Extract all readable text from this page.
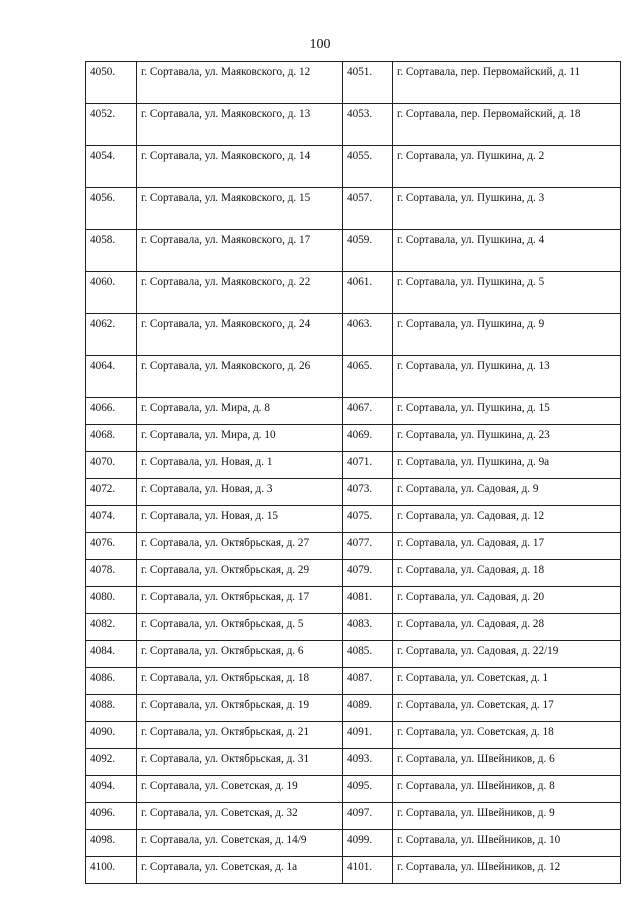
100
4050.	г. Сортавала, ул. Маяковского, д. 12	4051.	г. Сортавала, пер. Первомайский, д. 11
4052.	г. Сортавала, ул. Маяковского, д. 13	4053.	г. Сортавала, пер. Первомайский, д. 18
4054.	г. Сортавала, ул. Маяковского, д. 14	4055.	г. Сортавала, ул. Пушкина, д. 2
4056.	г. Сортавала, ул. Маяковского, д. 15	4057.	г. Сортавала, ул. Пушкина, д. 3
4058.	г. Сортавала, ул. Маяковского, д. 17	4059.	г. Сортавала, ул. Пушкина, д. 4
4060.	г. Сортавала, ул. Маяковского, д. 22	4061.	г. Сортавала, ул. Пушкина, д. 5
4062.	г. Сортавала, ул. Маяковского, д. 24	4063.	г. Сортавала, ул. Пушкина, д. 9
4064.	г. Сортавала, ул. Маяковского, д. 26	4065.	г. Сортавала, ул. Пушкина, д. 13
4066.	г. Сортавала, ул. Мира, д. 8	4067.	г. Сортавала, ул. Пушкина, д. 15
4068.	г. Сортавала, ул. Мира, д. 10	4069.	г. Сортавала, ул. Пушкина, д. 23
4070.	г. Сортавала, ул. Новая, д. 1	4071.	г. Сортавала, ул. Пушкина, д. 9а
4072.	г. Сортавала, ул. Новая, д. 3	4073.	г. Сортавала, ул. Садовая, д. 9
4074.	г. Сортавала, ул. Новая, д. 15	4075.	г. Сортавала, ул. Садовая, д. 12
4076.	г. Сортавала, ул. Октябрьская, д. 27	4077.	г. Сортавала, ул. Садовая, д. 17
4078.	г. Сортавала, ул. Октябрьская, д. 29	4079.	г. Сортавала, ул. Садовая, д. 18
4080.	г. Сортавала, ул. Октябрьская, д. 17	4081.	г. Сортавала, ул. Садовая, д. 20
4082.	г. Сортавала, ул. Октябрьская, д. 5	4083.	г. Сортавала, ул. Садовая, д. 28
4084.	г. Сортавала, ул. Октябрьская, д. 6	4085.	г. Сортавала, ул. Садовая, д. 22/19
4086.	г. Сортавала, ул. Октябрьская, д. 18	4087.	г. Сортавала, ул. Советская, д. 1
4088.	г. Сортавала, ул. Октябрьская, д. 19	4089.	г. Сортавала, ул. Советская, д. 17
4090.	г. Сортавала, ул. Октябрьская, д. 21	4091.	г. Сортавала, ул. Советская, д. 18
4092.	г. Сортавала, ул. Октябрьская, д. 31	4093.	г. Сортавала, ул. Швейников, д. 6
4094.	г. Сортавала, ул. Советская, д. 19	4095.	г. Сортавала, ул. Швейников, д. 8
4096.	г. Сортавала, ул. Советская, д. 32	4097.	г. Сортавала, ул. Швейников, д. 9
4098.	г. Сортавала, ул. Советская, д. 14/9	4099.	г. Сортавала, ул. Швейников, д. 10
4100.	г. Сортавала, ул. Советская, д. 1а	4101.	г. Сортавала, ул. Швейников, д. 12
